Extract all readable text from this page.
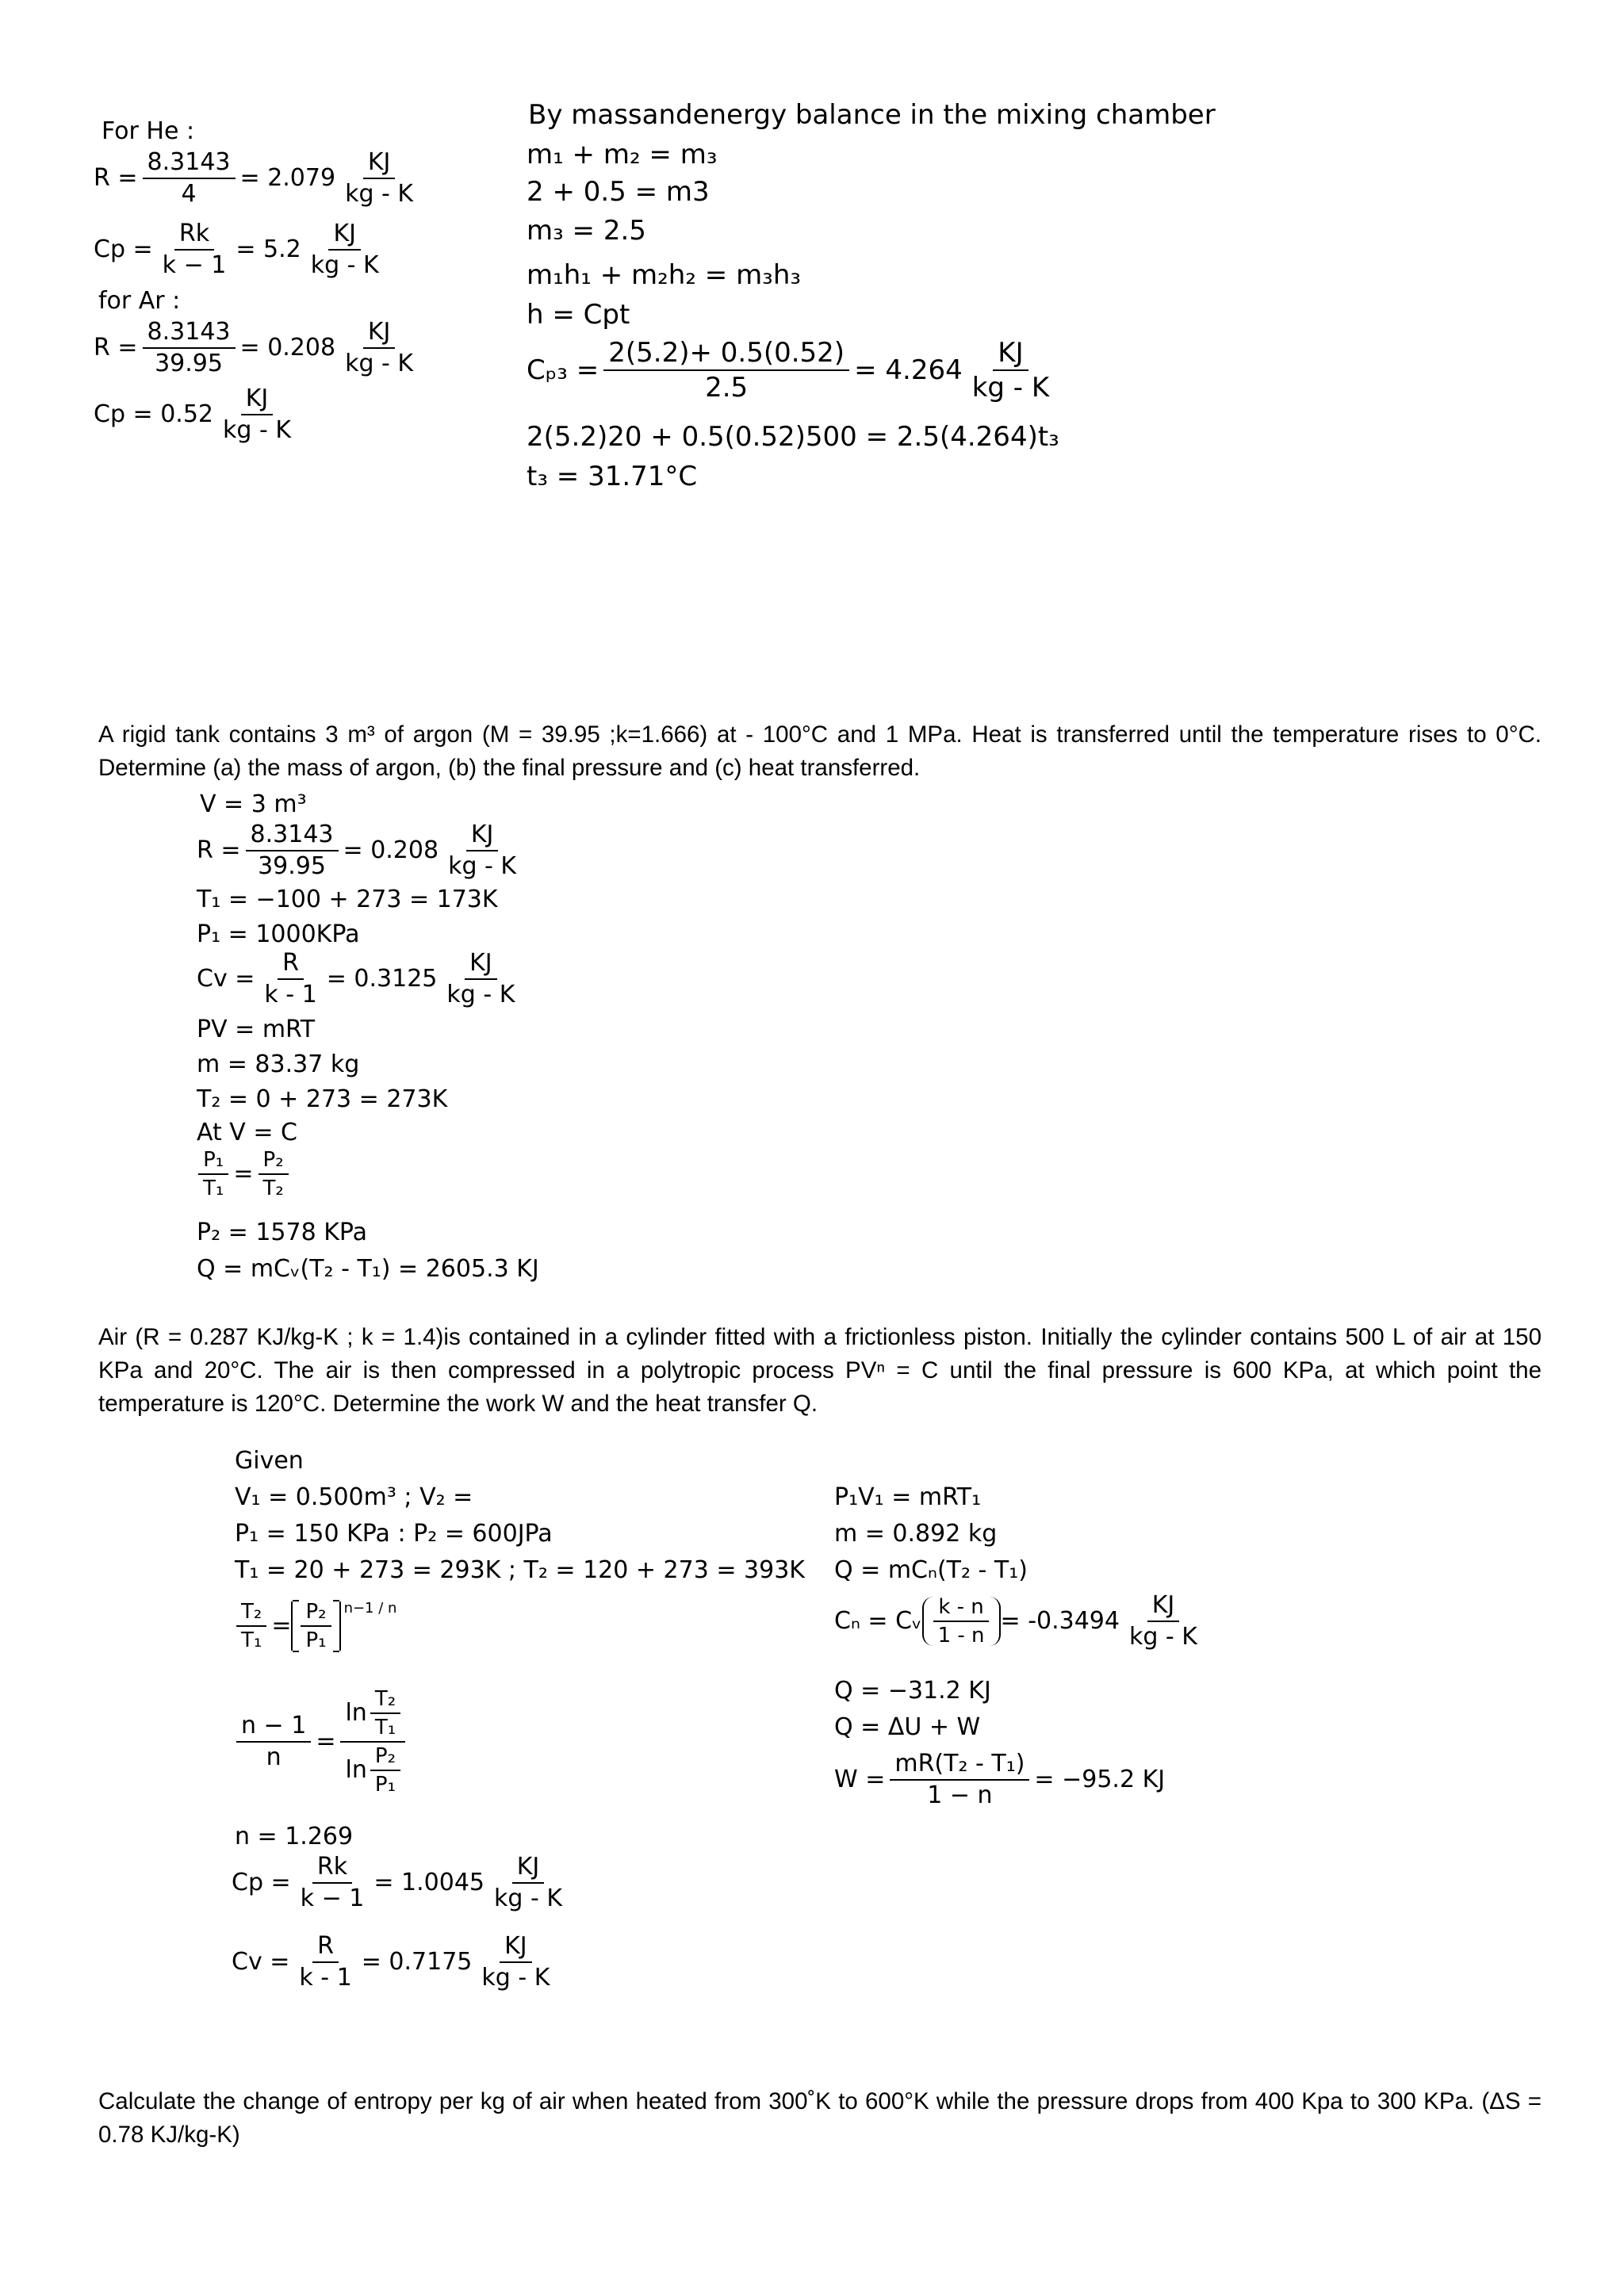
For He :
$R = \frac{8.3143}{4} = 2.079 \frac{KJ}{kg - K}$
$Cp = \frac{Rk}{k - 1} = 5.2 \frac{KJ}{kg - K}$
for Ar :
$R = \frac{8.3143}{39.95} = 0.208 \frac{KJ}{kg - K}$
$Cp = 0.52 \frac{KJ}{kg - K}$
By massandenergy balance in the mixing chamber
m₁ + m₂ = m₃
2 + 0.5 = m3
m₃ = 2.5
m₁h₁ + m₂h₂ = m₃h₃
h = Cpt
$C_{p3} = \frac{2(5.2)+ 0.5(0.52)}{2.5} = 4.264 \frac{KJ}{kg - K}$
2(5.2)20 + 0.5(0.52)500 = 2.5(4.264)t₃
t₃ = 31.71°C
A rigid tank contains 3 m³ of argon (M = 39.95 ;k=1.666) at - 100°C and 1 MPa. Heat is transferred until the temperature rises to 0°C. Determine (a) the mass of argon, (b) the final pressure and (c) heat transferred.
V = 3 m³
$R = \frac{8.3143}{39.95} = 0.208 \frac{KJ}{kg - K}$
T₁ = −100 + 273 = 173K
P₁ = 1000KPa
$Cv = \frac{R}{k - 1} = 0.3125 \frac{KJ}{kg - K}$
PV = mRT
m = 83.37 kg
T₂ = 0 + 273 = 273K
At V = C
$\frac{\text{P₁}}{\text{T₁}} = \frac{\text{P₂}}{\text{T₂}}$
P₂ = 1578 KPa
Q = mCᵥ(T₂ - T₁) = 2605.3 KJ
Air (R = 0.287 KJ/kg-K ; k = 1.4)is contained in a cylinder fitted with a frictionless piston. Initially the cylinder contains 500 L of air at 150 KPa and 20°C. The air is then compressed in a polytropic process PVⁿ = C until the final pressure is 600 KPa, at which point the temperature is 120°C. Determine the work W and the heat transfer Q.
Given
V₁ = 0.500m³ ; V₂ =
P₁ = 150 KPa : P₂ = 600JPa
T₁ = 20 + 273 = 293K ; T₂ = 120 + 273 = 393K
$\frac{\text{T₂}}{\text{T₁}} = \frac{\text{P₂}}{\text{P₁}} n-1 / n$
$\frac{n - 1}{n} = \frac{\ln \frac{\text{T₂}}{\text{T₁}}}{\ln \frac{\text{P₂}}{\text{P₁}}}$
n = 1.269
$Cp = \frac{Rk}{k - 1} = 1.0045 \frac{KJ}{kg - K}$
$Cv = \frac{R}{k - 1} = 0.7175 \frac{KJ}{kg - K}$
P₁V₁ = mRT₁
m = 0.892 kg
Q = mCₙ(T₂ - T₁)
Cₙ = Cᵥ $\frac{k - n}{1 - n} = -0.3494 \frac{KJ}{kg - K}$
Q = −31.2 KJ
Q = ΔU + W
$W = \frac{\text{mR(T₂ - T₁)}}{1 - n} = -95.2$ KJ
Calculate the change of entropy per kg of air when heated from 300˚K to 600°K while the pressure drops from 400 Kpa to 300 KPa. (ΔS = 0.78 KJ/kg-K)
